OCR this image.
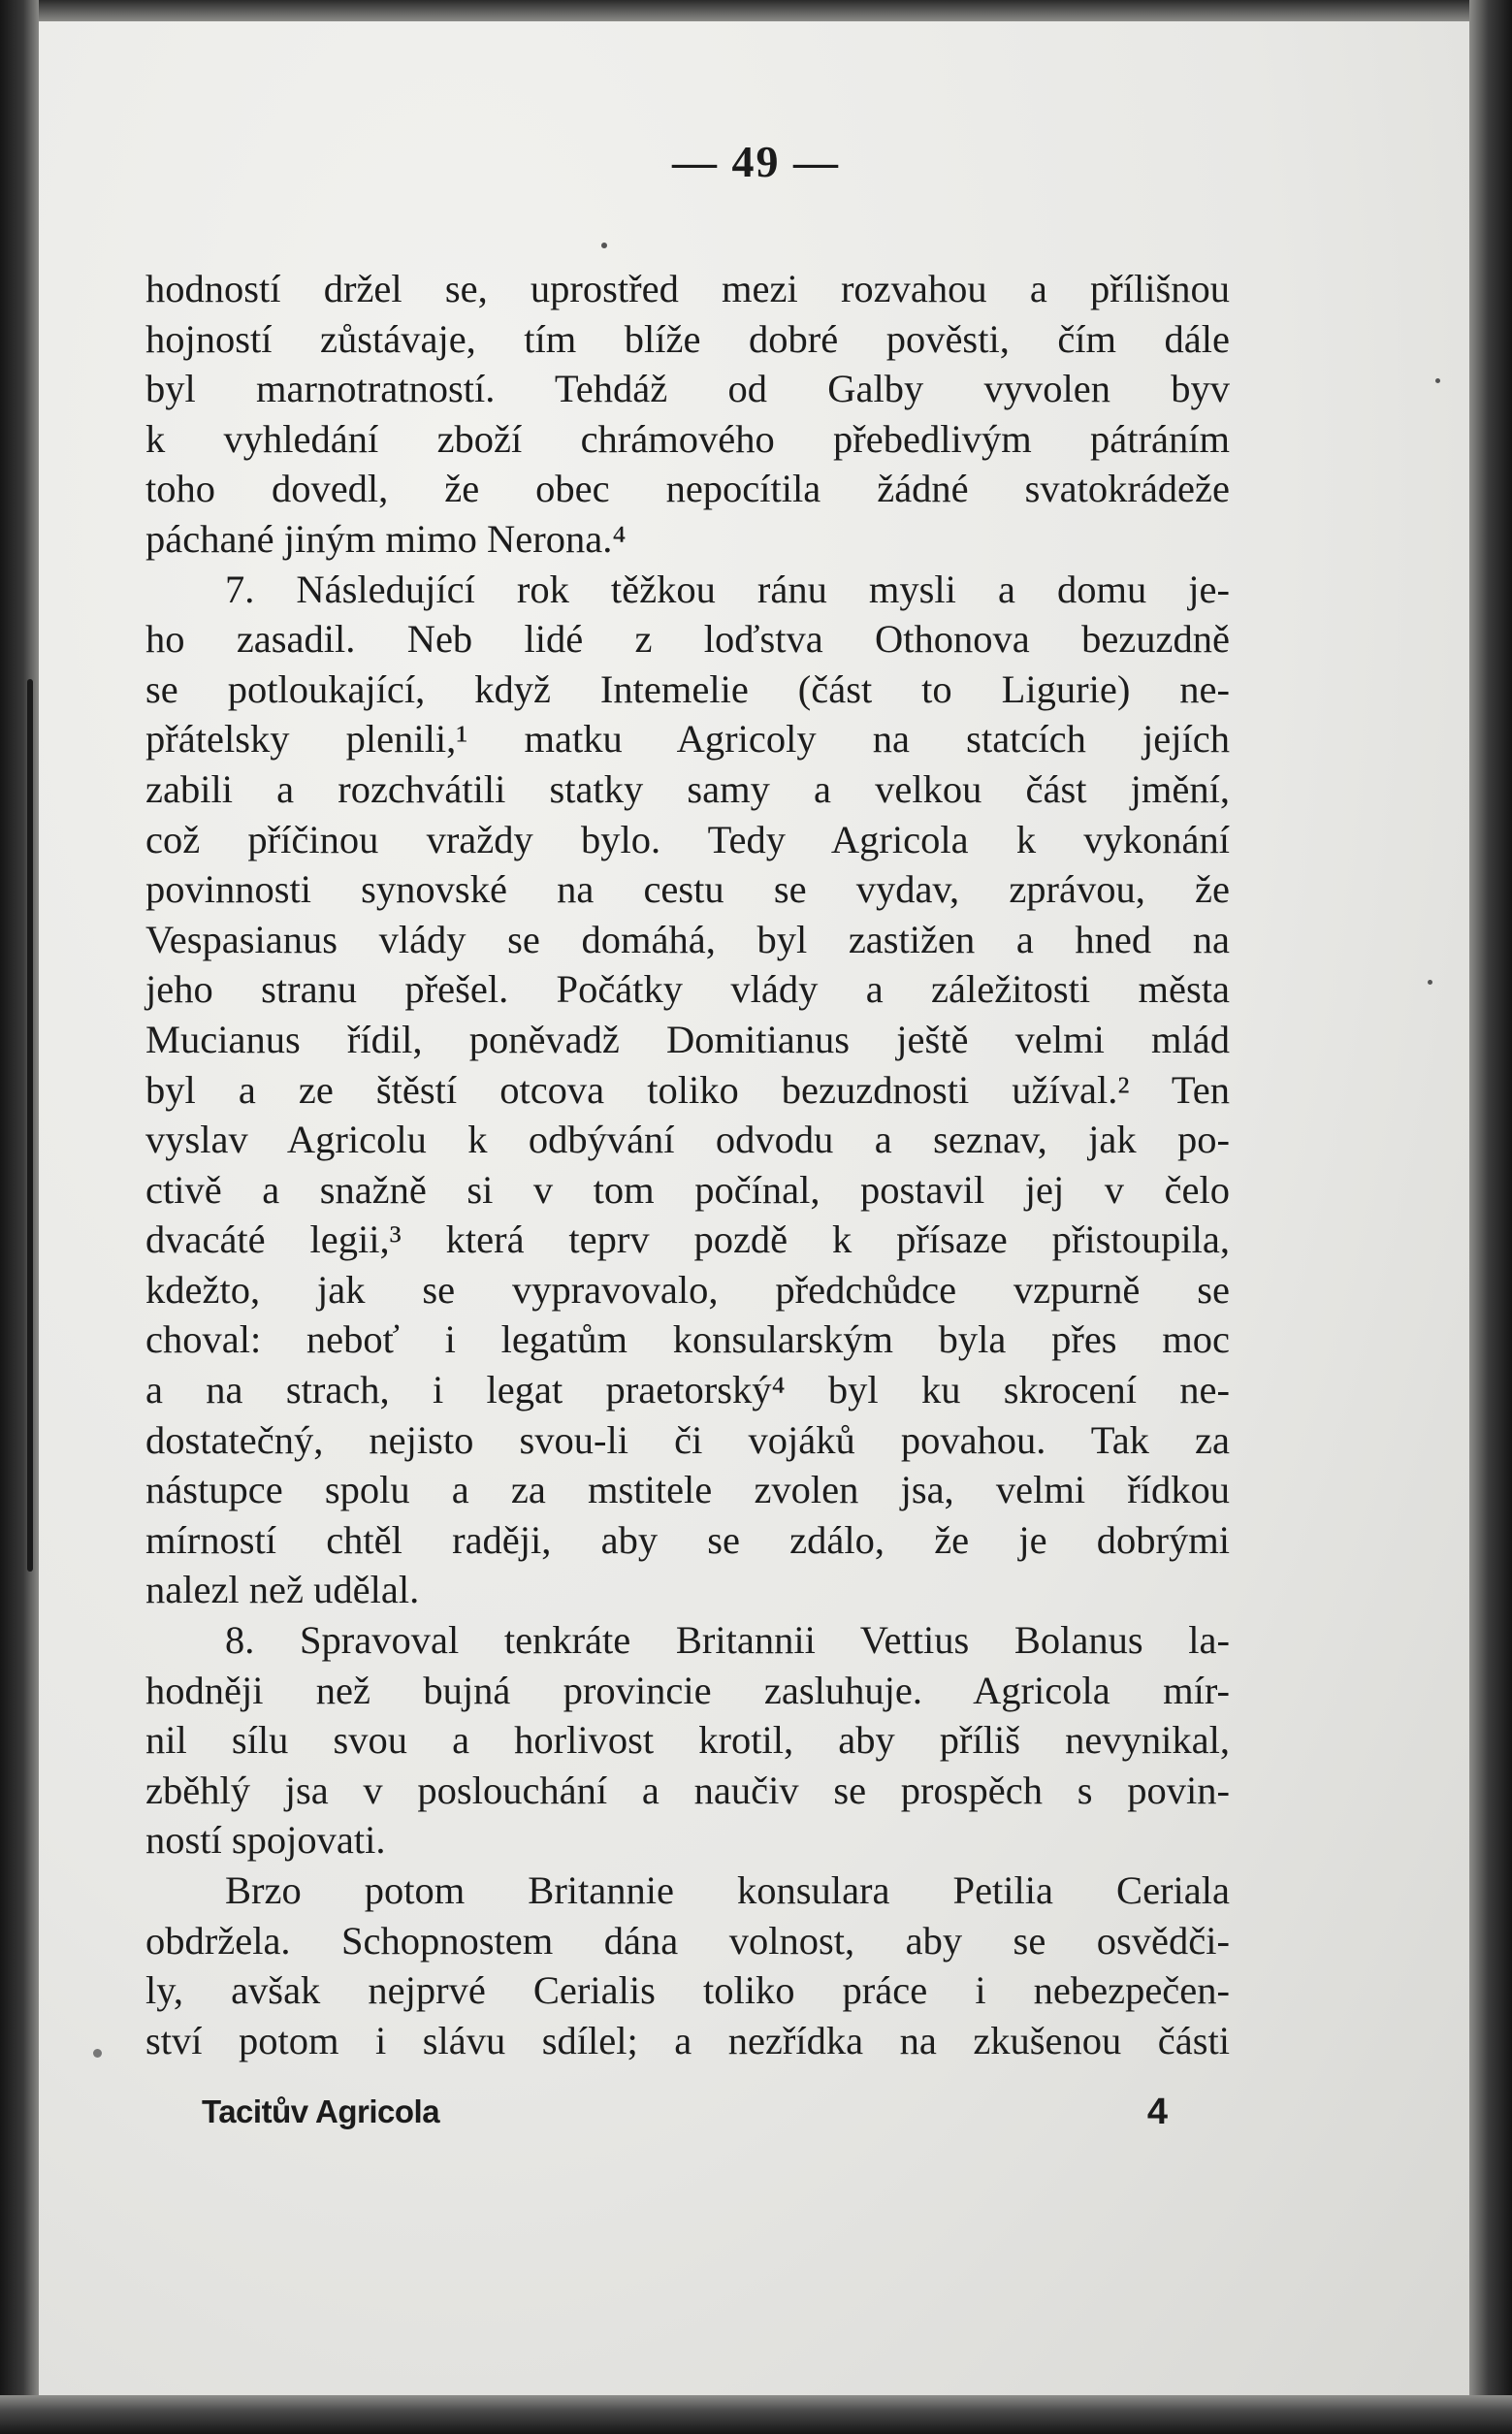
— 49 —
hodností držel se, uprostřed mezi rozvahou a přílišnou
hojností zůstávaje, tím blíže dobré pověsti, čím dále
byl marnotratností. Tehdáž od Galby vyvolen byv
k vyhledání zboží chrámového přebedlivým pátráním
toho dovedl, že obec nepocítila žádné svatokrádeže
páchané jiným mimo Nerona.⁴
7. Následující rok těžkou ránu mysli a domu je-
ho zasadil. Neb lidé z loďstva Othonova bezuzdně
se potloukající, když Intemelie (část to Ligurie) ne-
přátelsky plenili,¹ matku Agricoly na statcích jejích
zabili a rozchvátili statky samy a velkou část jmění,
což příčinou vraždy bylo. Tedy Agricola k vykonání
povinnosti synovské na cestu se vydav, zprávou, že
Vespasianus vlády se domáhá, byl zastižen a hned na
jeho stranu přešel. Počátky vlády a záležitosti města
Mucianus řídil, poněvadž Domitianus ještě velmi mlád
byl a ze štěstí otcova toliko bezuzdnosti užíval.² Ten
vyslav Agricolu k odbývání odvodu a seznav, jak po-
ctivě a snažně si v tom počínal, postavil jej v čelo
dvacáté legii,³ která teprv pozdě k přísaze přistoupila,
kdežto, jak se vypravovalo, předchůdce vzpurně se
choval: neboť i legatům konsularským byla přes moc
a na strach, i legat praetorský⁴ byl ku skrocení ne-
dostatečný, nejisto svou-li či vojáků povahou. Tak za
nástupce spolu a za mstitele zvolen jsa, velmi řídkou
mírností chtěl raději, aby se zdálo, že je dobrými
nalezl než udělal.
8. Spravoval tenkráte Britannii Vettius Bolanus la-
hodněji než bujná provincie zasluhuje. Agricola mír-
nil sílu svou a horlivost krotil, aby příliš nevynikal,
zběhlý jsa v poslouchání a naučiv se prospěch s povin-
ností spojovati.
Brzo potom Britannie konsulara Petilia Ceriala
obdržela. Schopnostem dána volnost, aby se osvědči-
ly, avšak nejprvé Cerialis toliko práce i nebezpečen-
ství potom i slávu sdílel; a nezřídka na zkušenou části
Tacitův Agricola	4
